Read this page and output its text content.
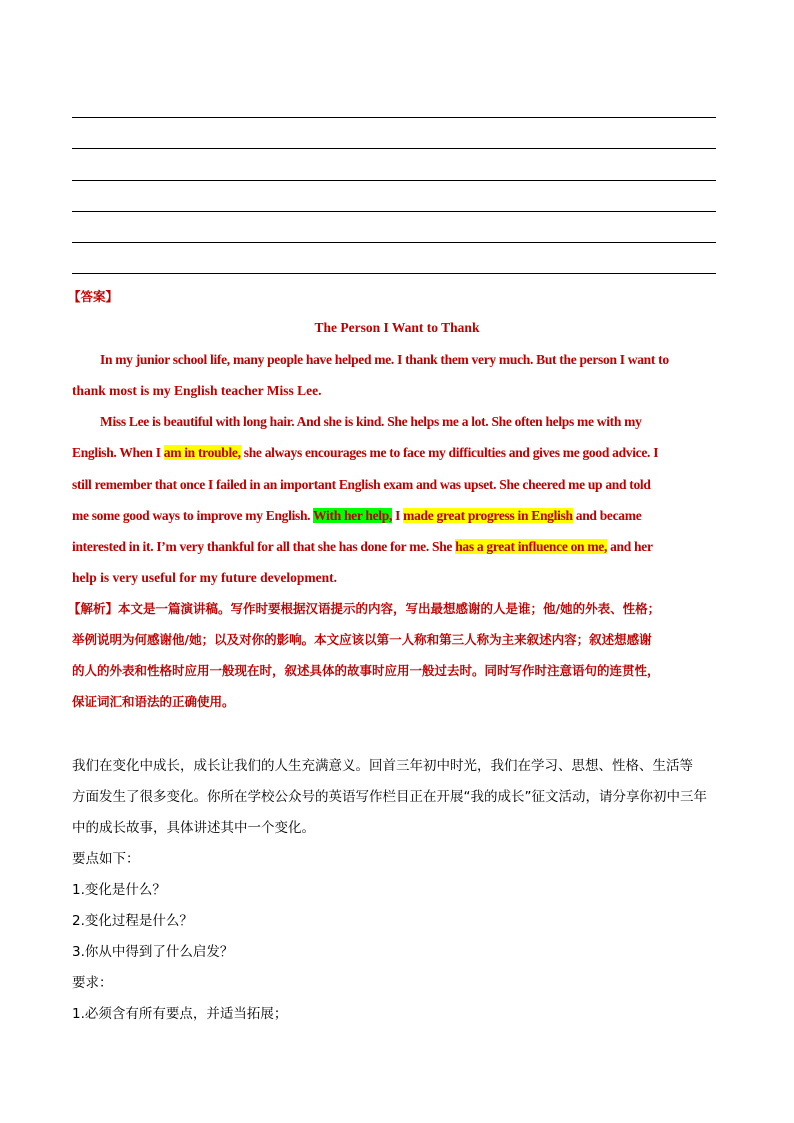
【答案】
The Person I Want to Thank
In my junior school life, many people have helped me. I thank them very much. But the person I want to
thank most is my English teacher Miss Lee.
Miss Lee is beautiful with long hair. And she is kind. She helps me a lot. She often helps me with my
English. When I am in trouble, she always encourages me to face my difficulties and gives me good advice. I
still remember that once I failed in an important English exam and was upset. She cheered me up and told
me some good ways to improve my English. With her help, I made great progress in English and became
interested in it. I’m very thankful for all that she has done for me. She has a great influence on me, and her
help is very useful for my future development.
【解析】本文是一篇演讲稿。写作时要根据汉语提示的内容，写出最想感谢的人是谁；他/她的外表、性格；
举例说明为何感谢他/她；以及对你的影响。本文应该以第一人称和第三人称为主来叙述内容；叙述想感谢
的人的外表和性格时应用一般现在时，叙述具体的故事时应用一般过去时。同时写作时注意语句的连贯性，
保证词汇和语法的正确使用。
我们在变化中成长，成长让我们的人生充满意义。回首三年初中时光，我们在学习、思想、性格、生活等
方面发生了很多变化。你所在学校公众号的英语写作栏目正在开展“我的成长”征文活动，请分享你初中三年
中的成长故事，具体讲述其中一个变化。
要点如下：
1.变化是什么？
2.变化过程是什么？
3.你从中得到了什么启发？
要求：
1.必须含有所有要点，并适当拓展；
